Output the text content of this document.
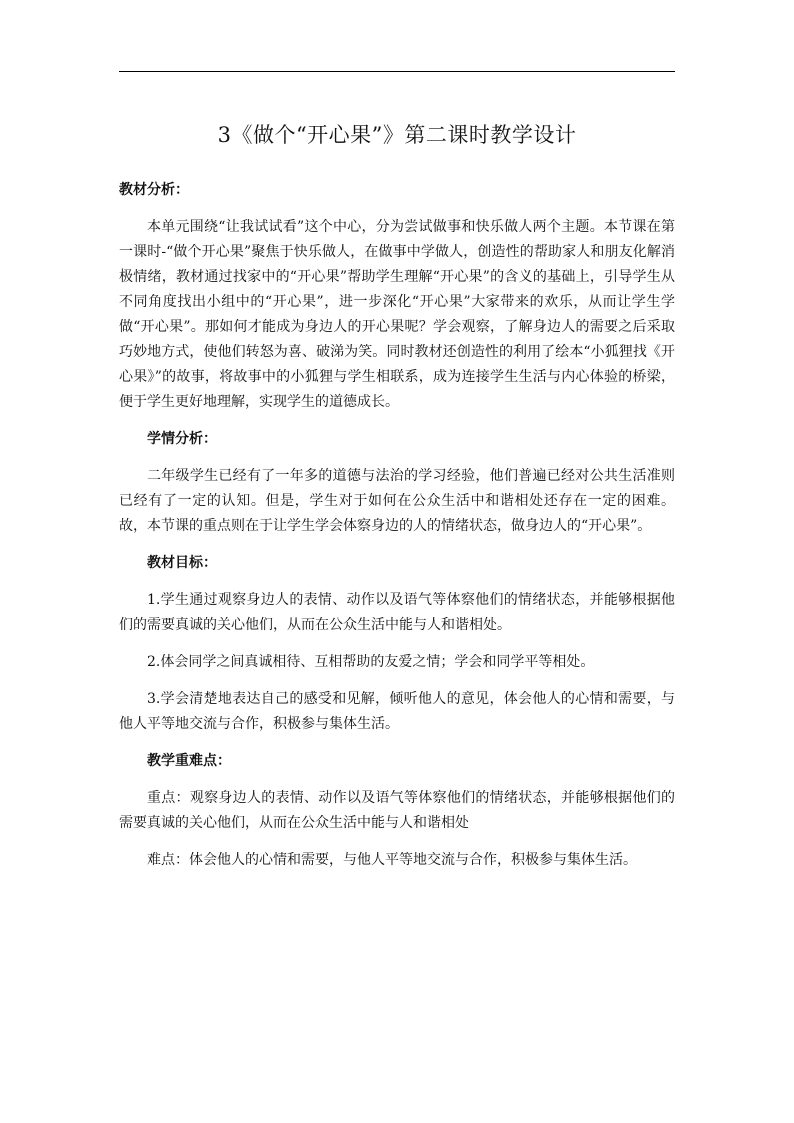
3《做个“开心果”》第二课时教学设计
教材分析：

本单元围绕“让我试试看”这个中心，分为尝试做事和快乐做人两个主题。本节课在第一课时-“做个开心果”聚焦于快乐做人，在做事中学做人，创造性的帮助家人和朋友化解消极情绪，教材通过找家中的“开心果”帮助学生理解“开心果”的含义的基础上，引导学生从不同角度找出小组中的“开心果”，进一步深化“开心果”大家带来的欢乐，从而让学生学做“开心果”。那如何才能成为身边人的开心果呢？学会观察，了解身边人的需要之后采取巧妙地方式，使他们转怒为喜、破涕为笑。同时教材还创造性的利用了绘本“小狐狸找《开心果》”的故事，将故事中的小狐狸与学生相联系，成为连接学生生活与内心体验的桥梁，便于学生更好地理解，实现学生的道德成长。

学情分析：

二年级学生已经有了一年多的道德与法治的学习经验，他们普遍已经对公共生活准则已经有了一定的认知。但是，学生对于如何在公众生活中和谐相处还存在一定的困难。故，本节课的重点则在于让学生学会体察身边的人的情绪状态，做身边人的“开心果”。

教材目标：

1.学生通过观察身边人的表情、动作以及语气等体察他们的情绪状态，并能够根据他们的需要真诚的关心他们，从而在公众生活中能与人和谐相处。

2.体会同学之间真诚相待、互相帮助的友爱之情；学会和同学平等相处。

3.学会清楚地表达自己的感受和见解，倾听他人的意见，体会他人的心情和需要，与他人平等地交流与合作，积极参与集体生活。

教学重难点：

重点：观察身边人的表情、动作以及语气等体察他们的情绪状态，并能够根据他们的需要真诚的关心他们，从而在公众生活中能与人和谐相处

难点：体会他人的心情和需要，与他人平等地交流与合作，积极参与集体生活。
